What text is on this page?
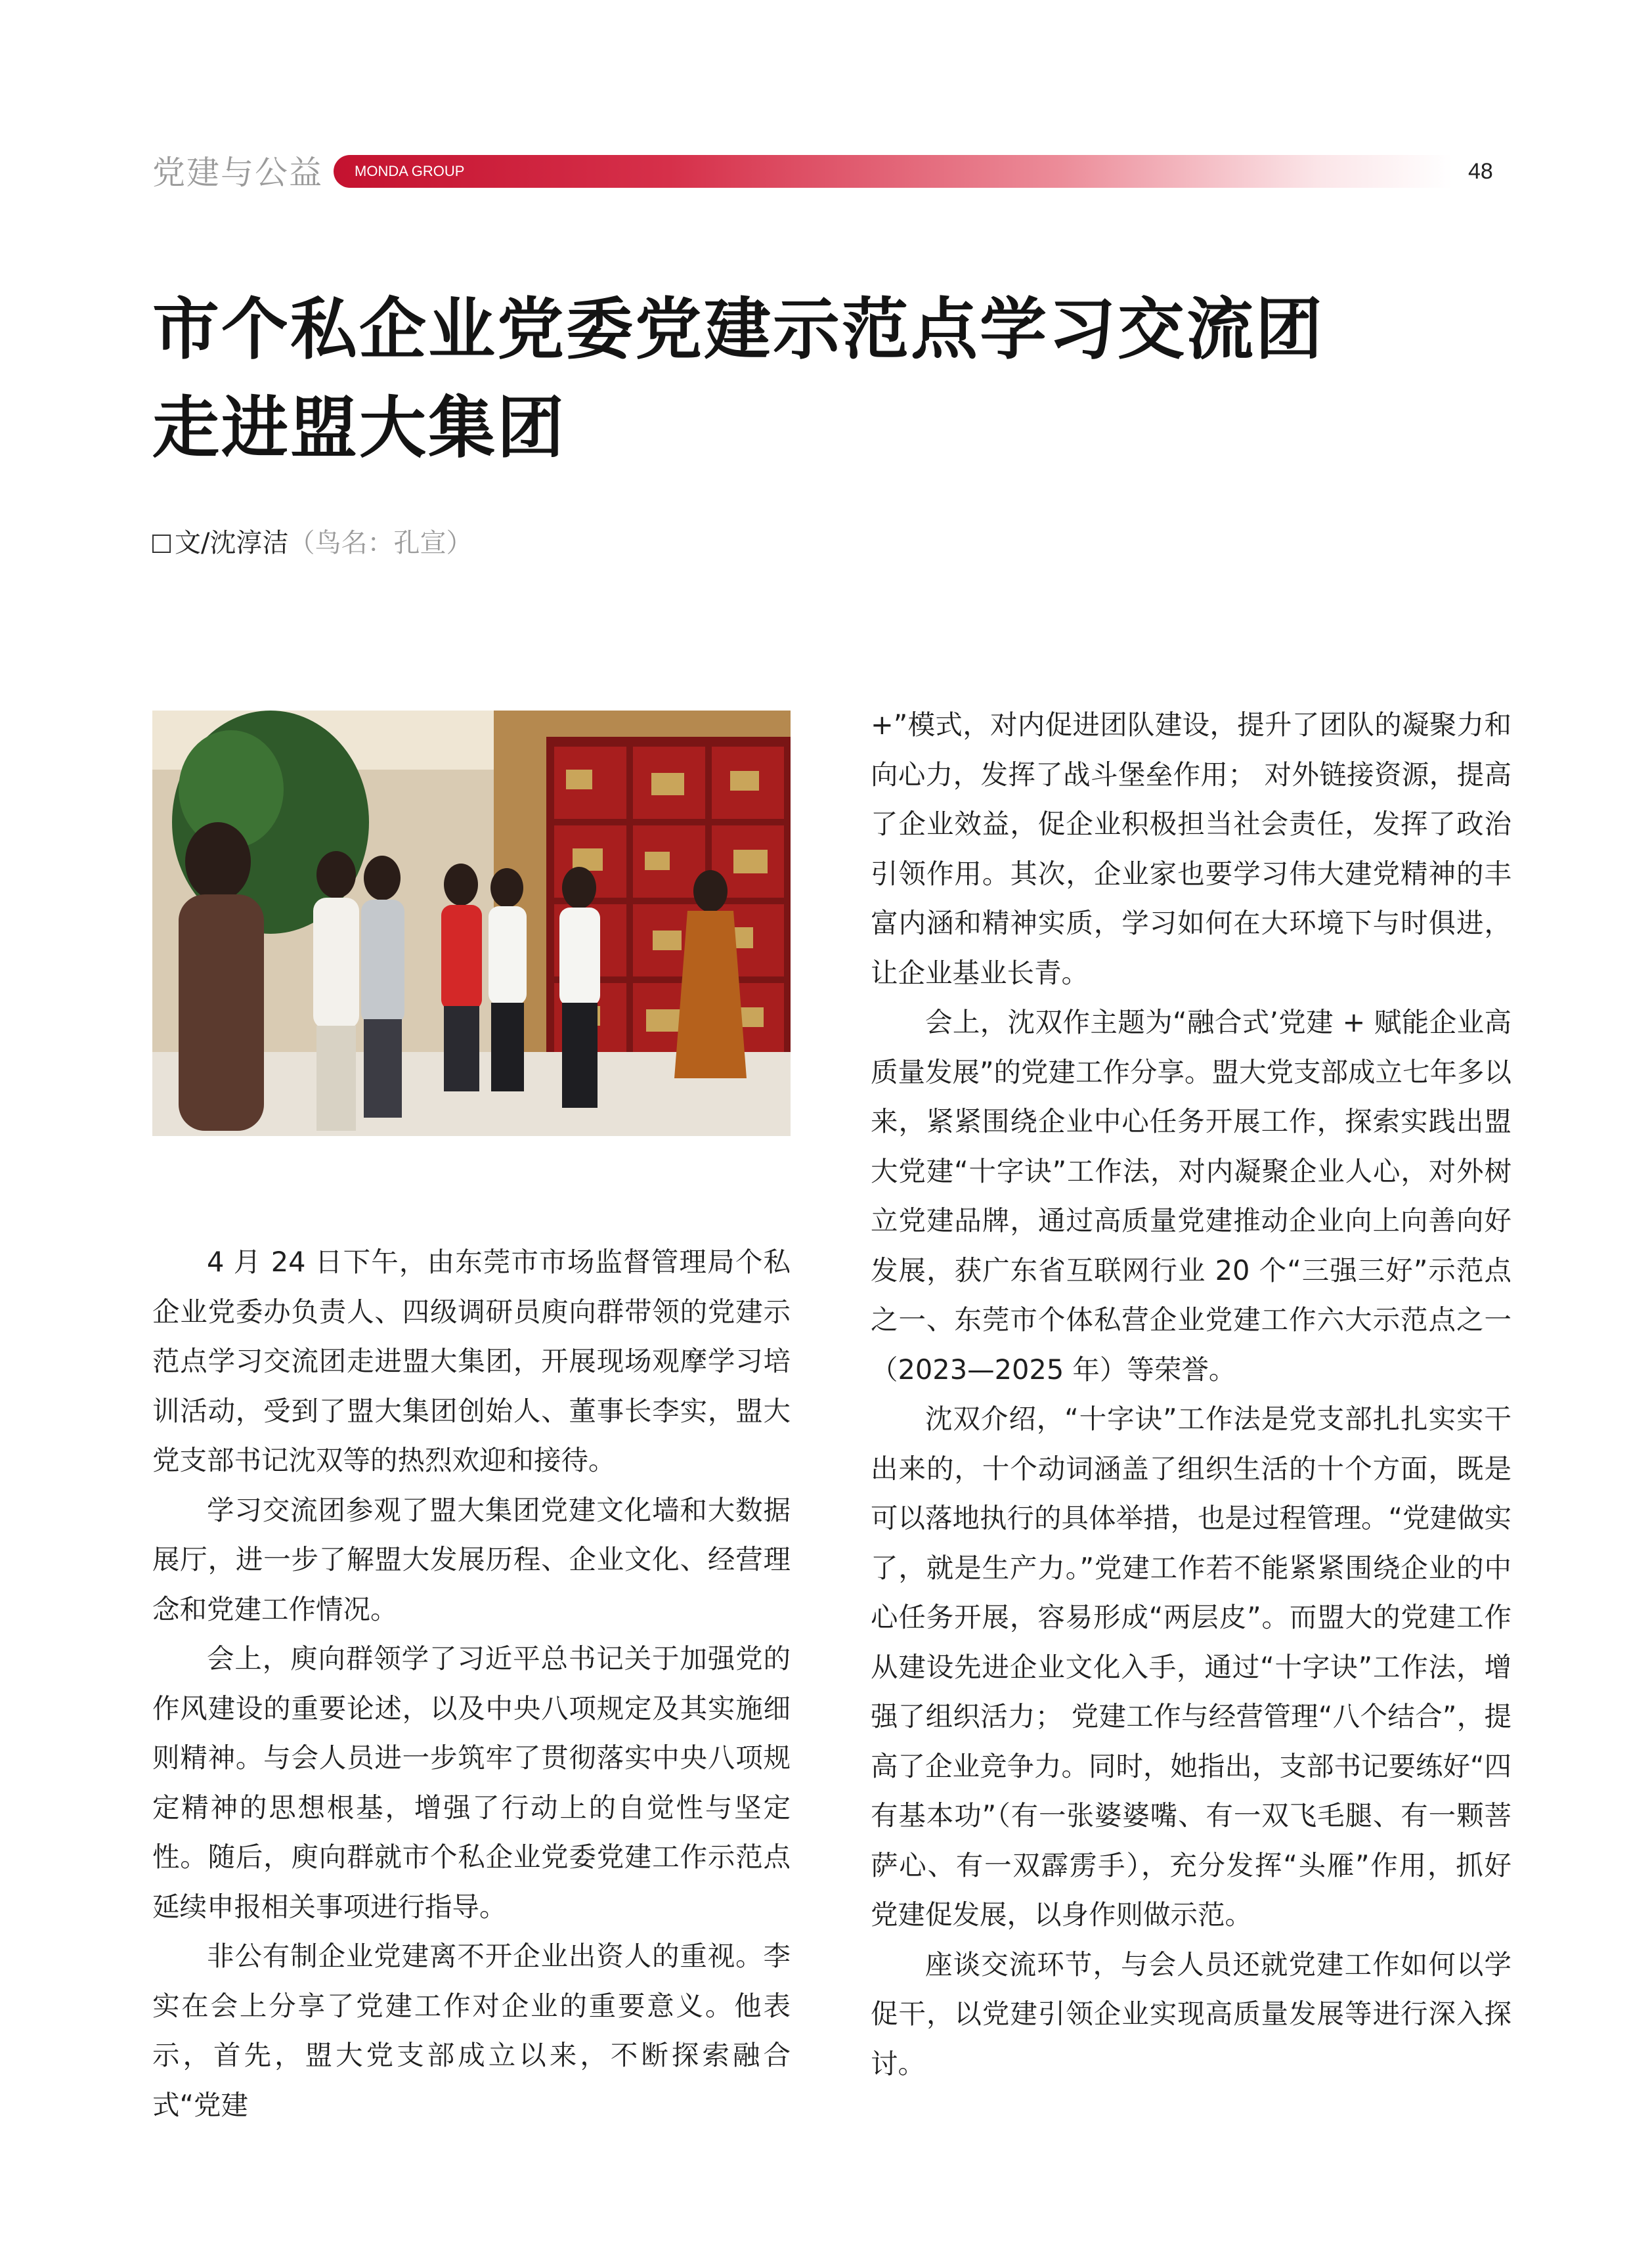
党建与公益 MONDA GROUP	48
市个私企业党委党建示范点学习交流团
走进盟大集团
文/沈淳洁（鸟名：孔宣）

4 月 24 日下午，由东莞市市场监督管理局个私企业党委办负责人、四级调研员庾向群带领的党建示范点学习交流团走进盟大集团，开展现场观摩学习培训活动，受到了盟大集团创始人、董事长李实，盟大党支部书记沈双等的热烈欢迎和接待。

学习交流团参观了盟大集团党建文化墙和大数据展厅，进一步了解盟大发展历程、企业文化、经营理念和党建工作情况。

会上，庾向群领学了习近平总书记关于加强党的作风建设的重要论述，以及中央八项规定及其实施细则精神。与会人员进一步筑牢了贯彻落实中央八项规定精神的思想根基，增强了行动上的自觉性与坚定性。随后，庾向群就市个私企业党委党建工作示范点延续申报相关事项进行指导。

非公有制企业党建离不开企业出资人的重视。李实在会上分享了党建工作对企业的重要意义。他表示，首先，盟大党支部成立以来，不断探索融合式“党建

+”模式，对内促进团队建设，提升了团队的凝聚力和向心力，发挥了战斗堡垒作用； 对外链接资源，提高了企业效益，促企业积极担当社会责任，发挥了政治引领作用。其次，企业家也要学习伟大建党精神的丰富内涵和精神实质，学习如何在大环境下与时俱进，让企业基业长青。

会上，沈双作主题为“融合式’党建 + 赋能企业高质量发展”的党建工作分享。盟大党支部成立七年多以来，紧紧围绕企业中心任务开展工作，探索实践出盟大党建“十字诀”工作法，对内凝聚企业人心，对外树立党建品牌，通过高质量党建推动企业向上向善向好发展，获广东省互联网行业 20 个“三强三好”示范点之一、东莞市个体私营企业党建工作六大示范点之一（2023—2025 年）等荣誉。

沈双介绍，“十字诀”工作法是党支部扎扎实实干出来的，十个动词涵盖了组织生活的十个方面，既是可以落地执行的具体举措，也是过程管理。“党建做实了，就是生产力。”党建工作若不能紧紧围绕企业的中心任务开展，容易形成“两层皮”。而盟大的党建工作从建设先进企业文化入手，通过“十字诀”工作法，增强了组织活力； 党建工作与经营管理“八个结合”，提高了企业竞争力。同时，她指出，支部书记要练好“四有基本功”（有一张婆婆嘴、有一双飞毛腿、有一颗菩萨心、有一双霹雳手），充分发挥“头雁”作用，抓好党建促发展，以身作则做示范。

座谈交流环节，与会人员还就党建工作如何以学促干，以党建引领企业实现高质量发展等进行深入探讨。
